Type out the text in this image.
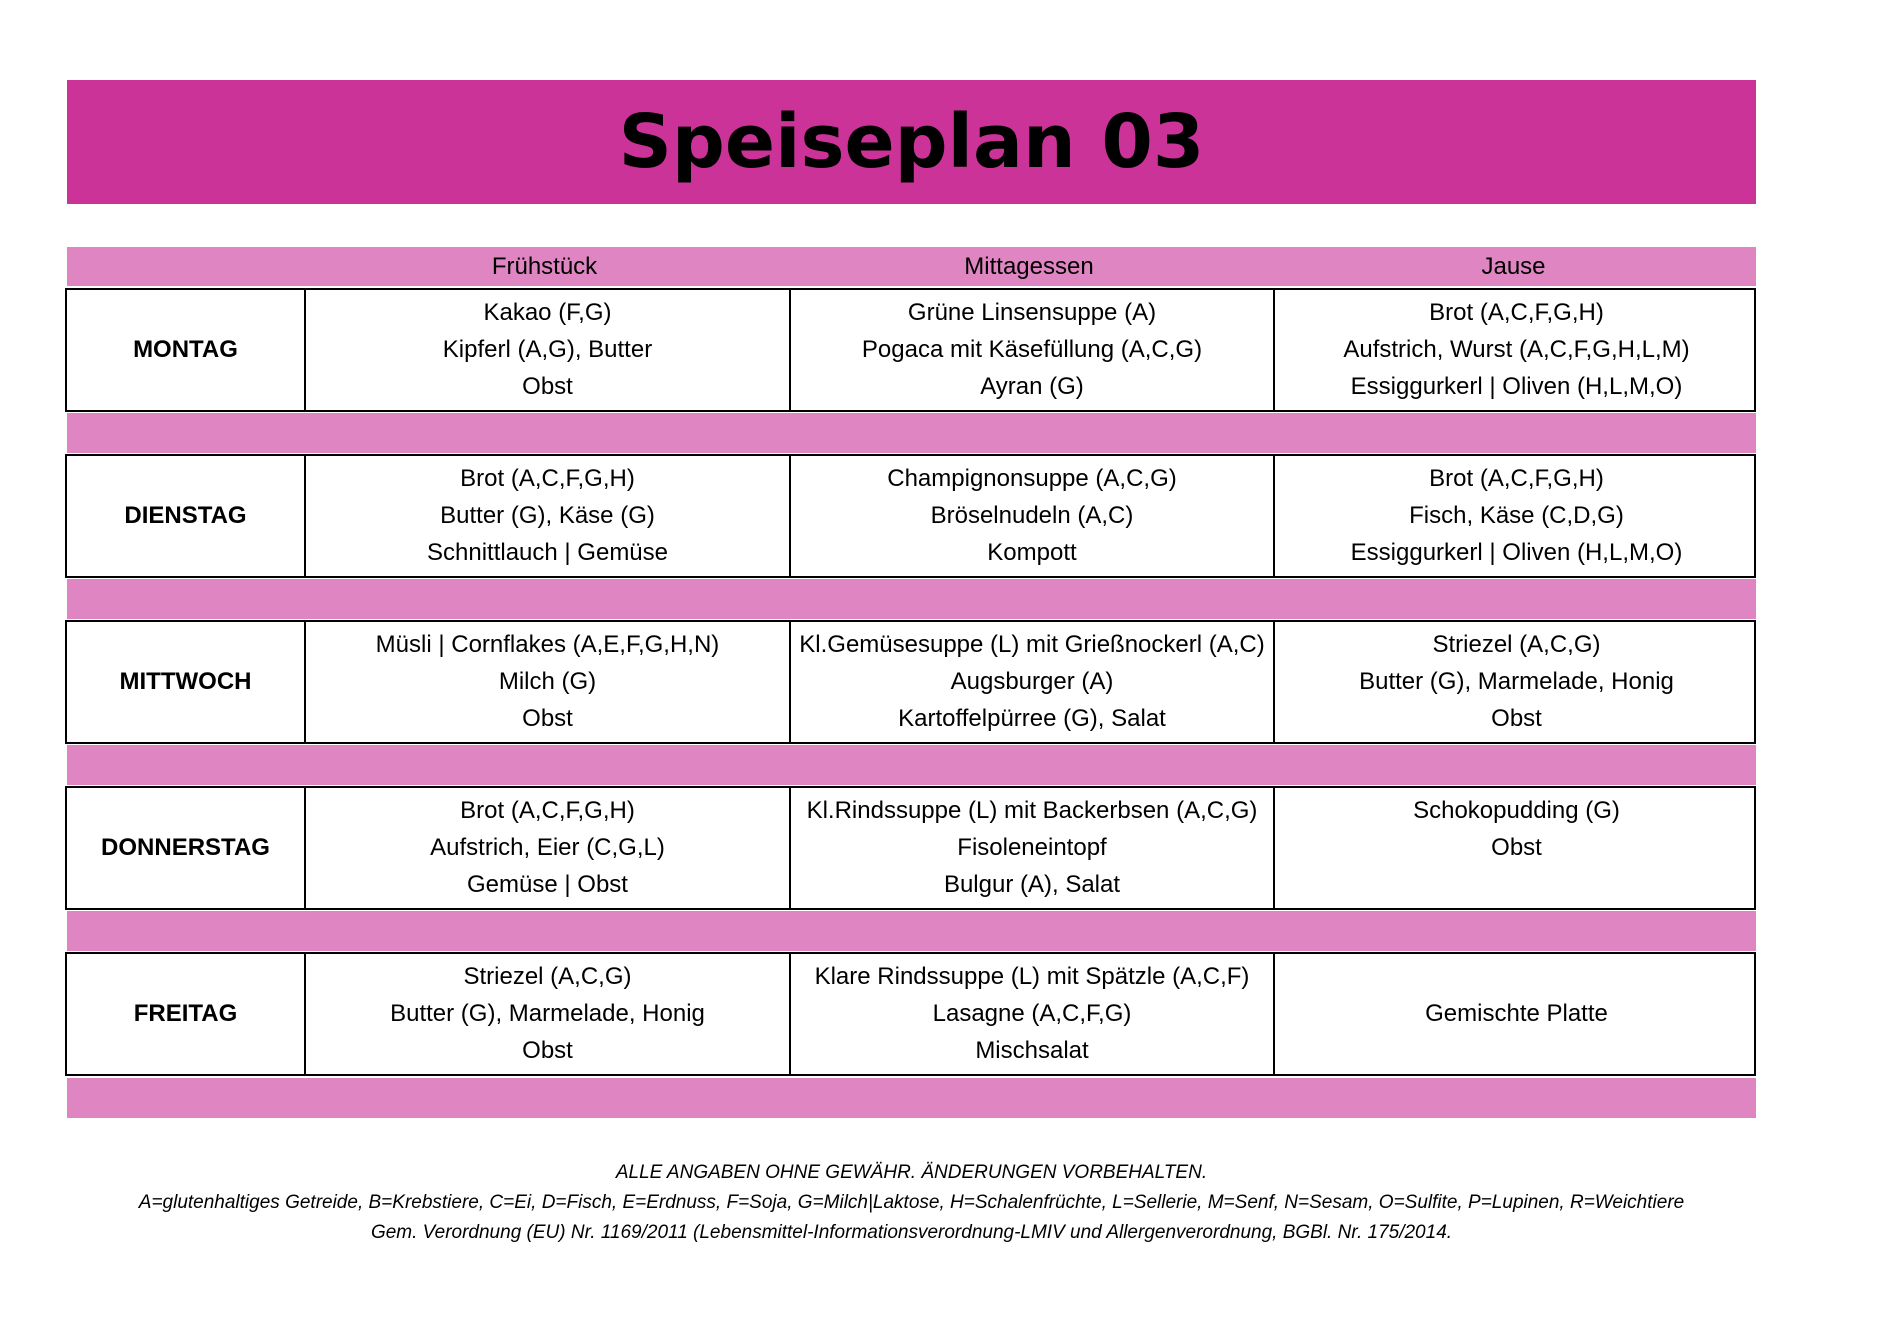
Speiseplan 03
Frühstück	Mittagessen	Jause
MONTAG
Kakao (F,G)
Kipferl (A,G), Butter
Obst
Grüne Linsensuppe (A)
Pogaca mit Käsefüllung (A,C,G)
Ayran (G)
Brot (A,C,F,G,H)
Aufstrich, Wurst (A,C,F,G,H,L,M)
Essiggurkerl | Oliven (H,L,M,O)
DIENSTAG
Brot (A,C,F,G,H)
Butter (G), Käse (G)
Schnittlauch | Gemüse
Champignonsuppe (A,C,G)
Bröselnudeln (A,C)
Kompott
Brot (A,C,F,G,H)
Fisch, Käse (C,D,G)
Essiggurkerl | Oliven (H,L,M,O)
MITTWOCH
Müsli | Cornflakes (A,E,F,G,H,N)
Milch (G)
Obst
Kl.Gemüsesuppe (L) mit Grießnockerl (A,C)
Augsburger (A)
Kartoffelpürree (G), Salat
Striezel (A,C,G)
Butter (G), Marmelade, Honig
Obst
DONNERSTAG
Brot (A,C,F,G,H)
Aufstrich, Eier (C,G,L)
Gemüse | Obst
Kl.Rindssuppe (L) mit Backerbsen (A,C,G)
Fisoleneintopf
Bulgur (A), Salat
Schokopudding (G)
Obst

FREITAG
Striezel (A,C,G)
Butter (G), Marmelade, Honig
Obst
Klare Rindssuppe (L) mit Spätzle (A,C,F)
Lasagne (A,C,F,G)
Mischsalat
Gemischte Platte
ALLE ANGABEN OHNE GEWÄHR. ÄNDERUNGEN VORBEHALTEN.
A=glutenhaltiges Getreide, B=Krebstiere, C=Ei, D=Fisch, E=Erdnuss, F=Soja, G=Milch|Laktose, H=Schalenfrüchte, L=Sellerie, M=Senf, N=Sesam, O=Sulfite, P=Lupinen, R=Weichtiere
Gem. Verordnung (EU) Nr. 1169/2011 (Lebensmittel-Informationsverordnung-LMIV und Allergenverordnung, BGBl. Nr. 175/2014.
